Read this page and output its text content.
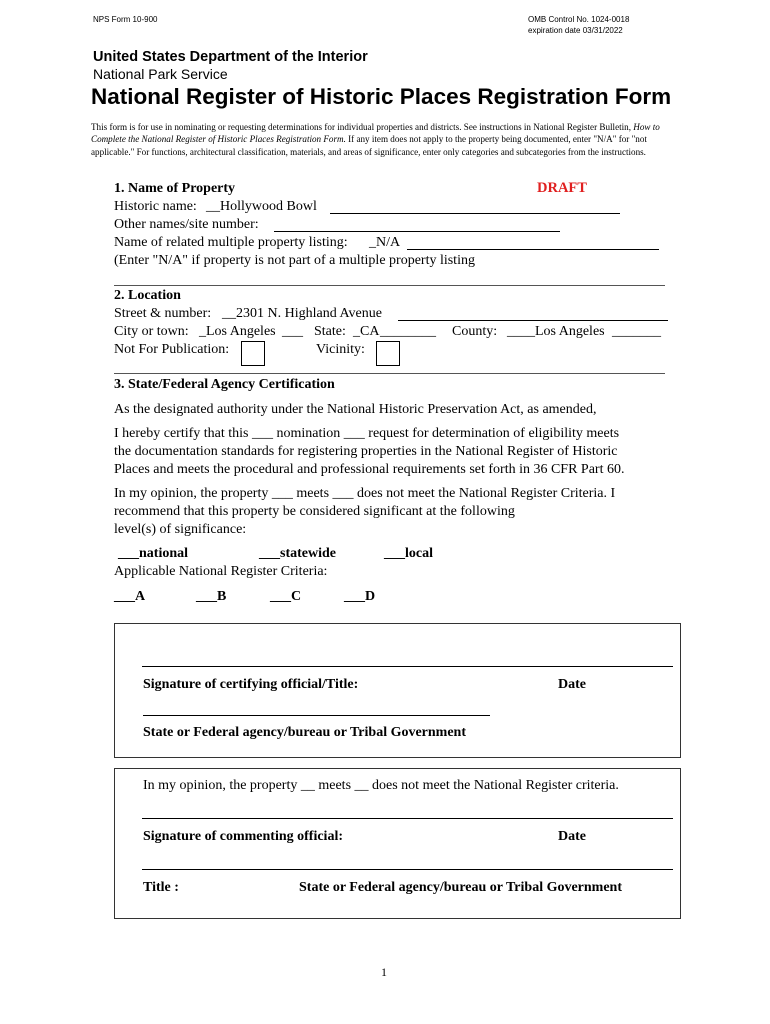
NPS Form 10-900	OMB Control No. 1024-0018
expiration date 03/31/2022
United States Department of the Interior
National Park Service
National Register of Historic Places Registration Form
This form is for use in nominating or requesting determinations for individual properties and districts. See instructions in National Register Bulletin, How to Complete the National Register of Historic Places Registration Form. If any item does not apply to the property being documented, enter "N/A" for "not applicable." For functions, architectural classification, materials, and areas of significance, enter only categories and subcategories from the instructions.
1. Name of Property	DRAFT
Historic name: __Hollywood Bowl
Other names/site number:
Name of related multiple property listing: _N/A
(Enter "N/A" if property is not part of a multiple property listing
2. Location
Street & number: __2301 N. Highland Avenue
City or town: _Los Angeles ___ State: _CA ________ County: ____Los Angeles _______
Not For Publication:	Vicinity:
3. State/Federal Agency Certification
As the designated authority under the National Historic Preservation Act, as amended,
I hereby certify that this ___ nomination ___ request for determination of eligibility meets
the documentation standards for registering properties in the National Register of Historic
Places and meets the procedural and professional requirements set forth in 36 CFR Part 60.
In my opinion, the property ___ meets ___ does not meet the National Register Criteria. I
recommend that this property be considered significant at the following
level(s) of significance:
___national	___statewide	___local
Applicable National Register Criteria:
___A	___B	___C	___D
Signature of certifying official/Title:	Date
State or Federal agency/bureau or Tribal Government
In my opinion, the property __ meets __ does not meet the National Register criteria.
Signature of commenting official:	Date
Title :	State or Federal agency/bureau or Tribal Government
1
